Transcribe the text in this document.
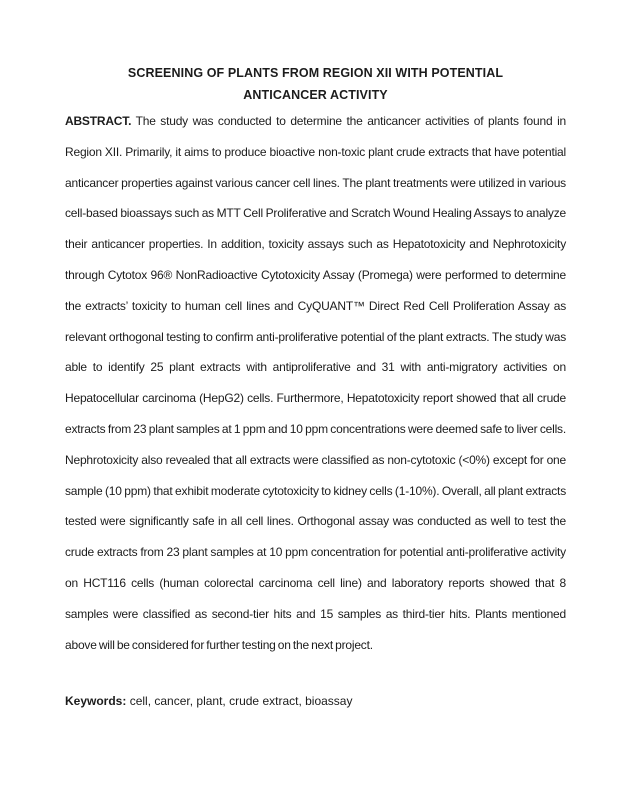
SCREENING OF PLANTS FROM REGION XII WITH POTENTIAL
ANTICANCER ACTIVITY

ABSTRACT. The study was conducted to determine the anticancer activities of plants found in Region XII. Primarily, it aims to produce bioactive non-toxic plant crude extracts that have potential anticancer properties against various cancer cell lines. The plant treatments were utilized in various cell-based bioassays such as MTT Cell Proliferative and Scratch Wound Healing Assays to analyze their anticancer properties. In addition, toxicity assays such as Hepatotoxicity and Nephrotoxicity through Cytotox 96® NonRadioactive Cytotoxicity Assay (Promega) were performed to determine the extracts’ toxicity to human cell lines and CyQUANT™ Direct Red Cell Proliferation Assay as relevant orthogonal testing to confirm anti-proliferative potential of the plant extracts. The study was able to identify 25 plant extracts with antiproliferative and 31 with anti-migratory activities on Hepatocellular carcinoma (HepG2) cells. Furthermore, Hepatotoxicity report showed that all crude extracts from 23 plant samples at 1 ppm and 10 ppm concentrations were deemed safe to liver cells. Nephrotoxicity also revealed that all extracts were classified as non-cytotoxic (<0%) except for one sample (10 ppm) that exhibit moderate cytotoxicity to kidney cells (1-10%). Overall, all plant extracts tested were significantly safe in all cell lines. Orthogonal assay was conducted as well to test the crude extracts from 23 plant samples at 10 ppm concentration for potential anti-proliferative activity on HCT116 cells (human colorectal carcinoma cell line) and laboratory reports showed that 8 samples were classified as second-tier hits and 15 samples as third-tier hits. Plants mentioned above will be considered for further testing on the next project.

Keywords: cell, cancer, plant, crude extract, bioassay
